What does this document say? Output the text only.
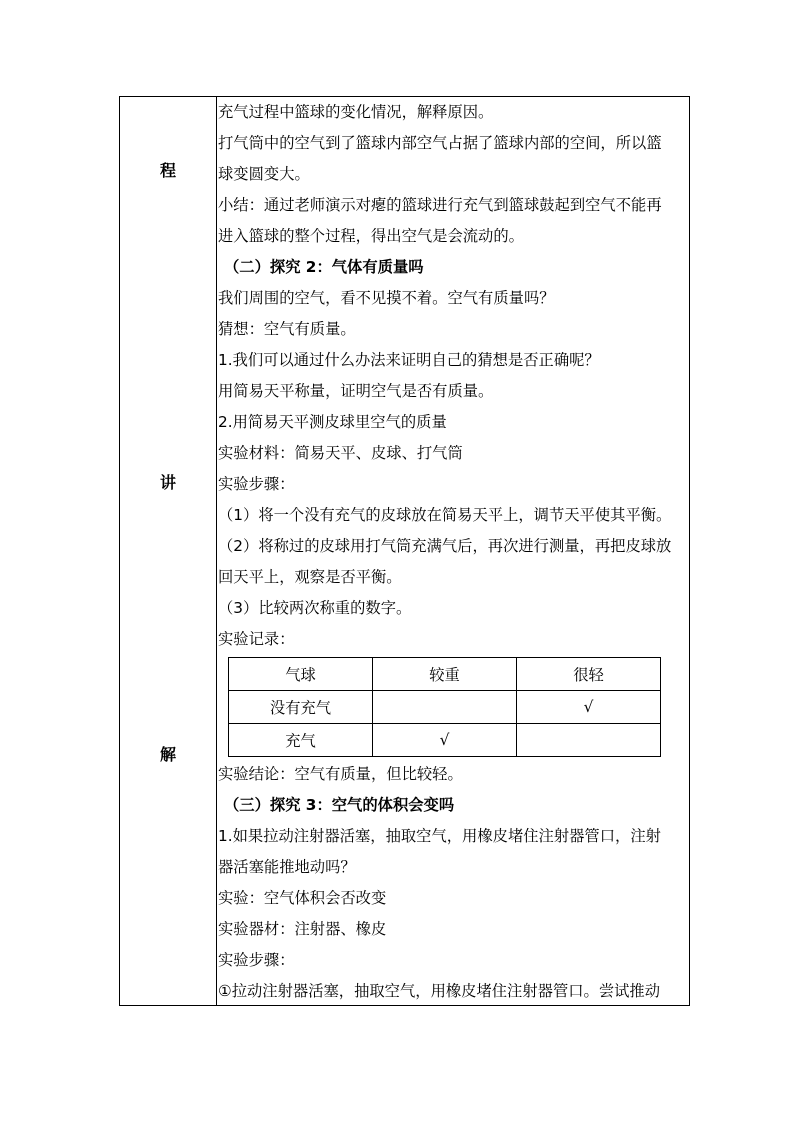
程
讲
解
充气过程中篮球的变化情况，解释原因。
打气筒中的空气到了篮球内部空气占据了篮球内部的空间，所以篮
球变圆变大。
小结：通过老师演示对瘪的篮球进行充气到篮球鼓起到空气不能再
进入篮球的整个过程，得出空气是会流动的。
（二）探究 2：气体有质量吗
我们周围的空气，看不见摸不着。空气有质量吗？
猜想：空气有质量。
1.我们可以通过什么办法来证明自己的猜想是否正确呢？
用简易天平称量，证明空气是否有质量。
2.用简易天平测皮球里空气的质量
实验材料：简易天平、皮球、打气筒
实验步骤：
（1）将一个没有充气的皮球放在简易天平上，调节天平使其平衡。
（2）将称过的皮球用打气筒充满气后，再次进行测量，再把皮球放
回天平上，观察是否平衡。
（3）比较两次称重的数字。
实验记录：
气球	较重	很轻
没有充气		√
充气	√	
实验结论：空气有质量，但比较轻。
（三）探究 3：空气的体积会变吗
1.如果拉动注射器活塞，抽取空气，用橡皮堵住注射器管口，注射
器活塞能推地动吗？
实验：空气体积会否改变
实验器材：注射器、橡皮
实验步骤：
①拉动注射器活塞，抽取空气，用橡皮堵住注射器管口。尝试推动
